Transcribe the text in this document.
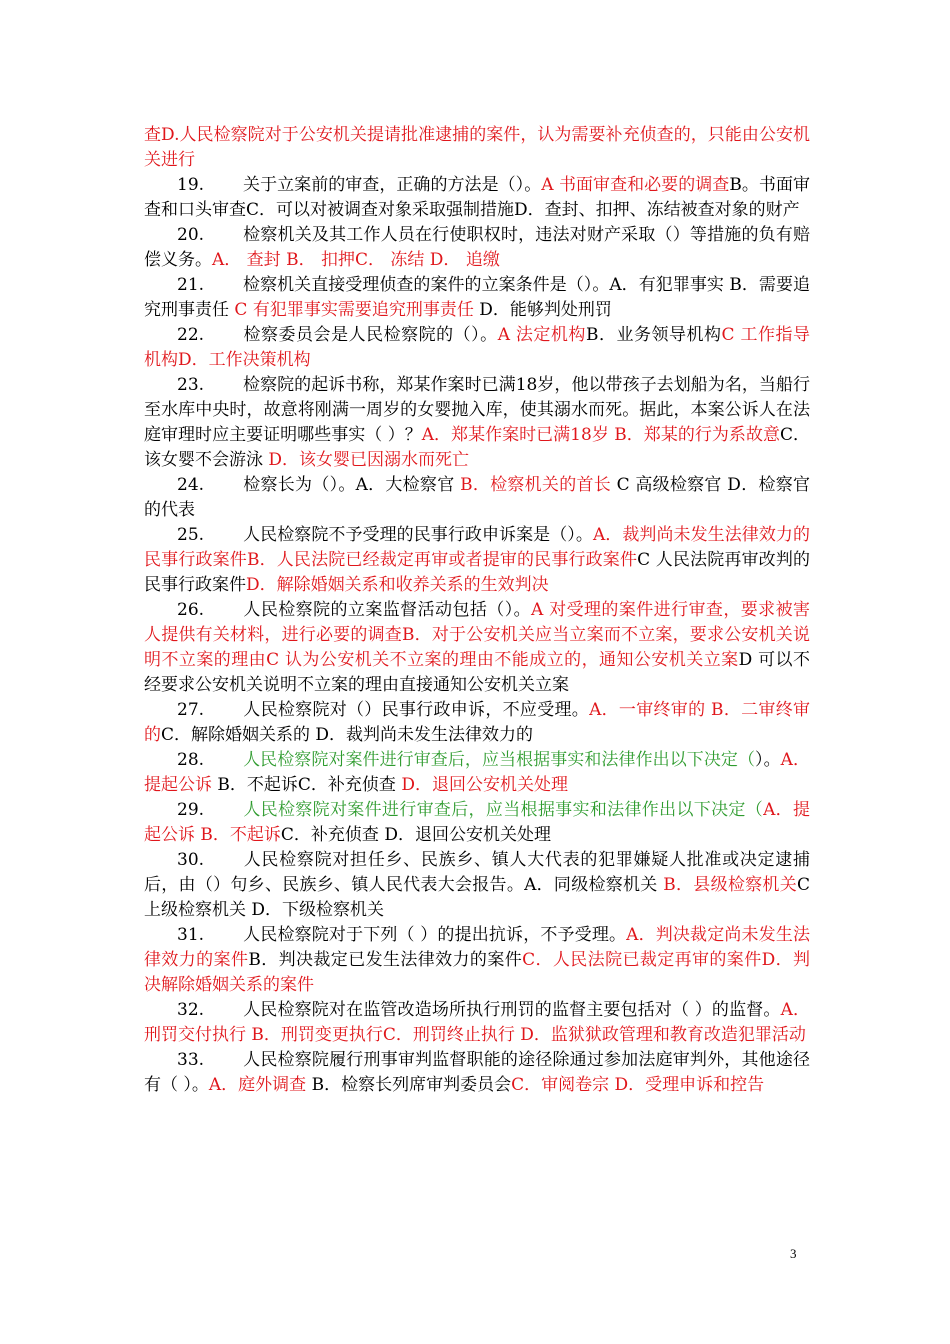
查D.人民检察院对于公安机关提请批准逮捕的案件，认为需要补充侦查的，只能由公安机关进行

19. 关于立案前的审查，正确的方法是（）。A 书面审查和必要的调查B。书面审查和口头审查C．可以对被调查对象采取强制措施D．查封、扣押、冻结被查对象的财产

20. 检察机关及其工作人员在行使职权时，违法对财产采取（）等措施的负有赔偿义务。A． 查封 B． 扣押C． 冻结 D． 追缴

21. 检察机关直接受理侦查的案件的立案条件是（）。A．有犯罪事实 B．需要追究刑事责任 C 有犯罪事实需要追究刑事责任 D．能够判处刑罚

22. 检察委员会是人民检察院的（）。A 法定机构B．业务领导机构C 工作指导机构D．工作决策机构

23. 检察院的起诉书称，郑某作案时已满18岁，他以带孩子去划船为名，当船行至水库中央时，故意将刚满一周岁的女婴抛入库，使其溺水而死。据此，本案公诉人在法庭审理时应主要证明哪些事实（ ）？A．郑某作案时已满18岁 B．郑某的行为系故意C．该女婴不会游泳 D．该女婴已因溺水而死亡

24. 检察长为（）。A．大检察官 B．检察机关的首长 C 高级检察官 D．检察官的代表

25. 人民检察院不予受理的民事行政申诉案是（）。A．裁判尚未发生法律效力的民事行政案件B．人民法院已经裁定再审或者提审的民事行政案件C 人民法院再审改判的民事行政案件D．解除婚姻关系和收养关系的生效判决

26. 人民检察院的立案监督活动包括（）。A 对受理的案件进行审查，要求被害人提供有关材料，进行必要的调查B．对于公安机关应当立案而不立案，要求公安机关说明不立案的理由C 认为公安机关不立案的理由不能成立的，通知公安机关立案D 可以不经要求公安机关说明不立案的理由直接通知公安机关立案

27. 人民检察院对（）民事行政申诉，不应受理。A．一审终审的 B．二审终审的C．解除婚姻关系的 D．裁判尚未发生法律效力的

28. 人民检察院对案件进行审查后，应当根据事实和法律作出以下决定（）。A．提起公诉 B．不起诉C．补充侦查 D．退回公安机关处理

29. 人民检察院对案件进行审查后，应当根据事实和法律作出以下决定（A．提起公诉 B．不起诉C．补充侦查 D．退回公安机关处理

30. 人民检察院对担任乡、民族乡、镇人大代表的犯罪嫌疑人批准或决定逮捕后，由（）句乡、民族乡、镇人民代表大会报告。A．同级检察机关 B．县级检察机关C上级检察机关 D．下级检察机关

31. 人民检察院对于下列（ ）的提出抗诉，不予受理。A．判决裁定尚未发生法律效力的案件B．判决裁定已发生法律效力的案件C．人民法院已裁定再审的案件D．判决解除婚姻关系的案件

32. 人民检察院对在监管改造场所执行刑罚的监督主要包括对（ ）的监督。A．刑罚交付执行 B．刑罚变更执行C．刑罚终止执行 D．监狱狱政管理和教育改造犯罪活动

33. 人民检察院履行刑事审判监督职能的途径除通过参加法庭审判外，其他途径有（ ）。A．庭外调查 B．检察长列席审判委员会C．审阅卷宗 D．受理申诉和控告

3
